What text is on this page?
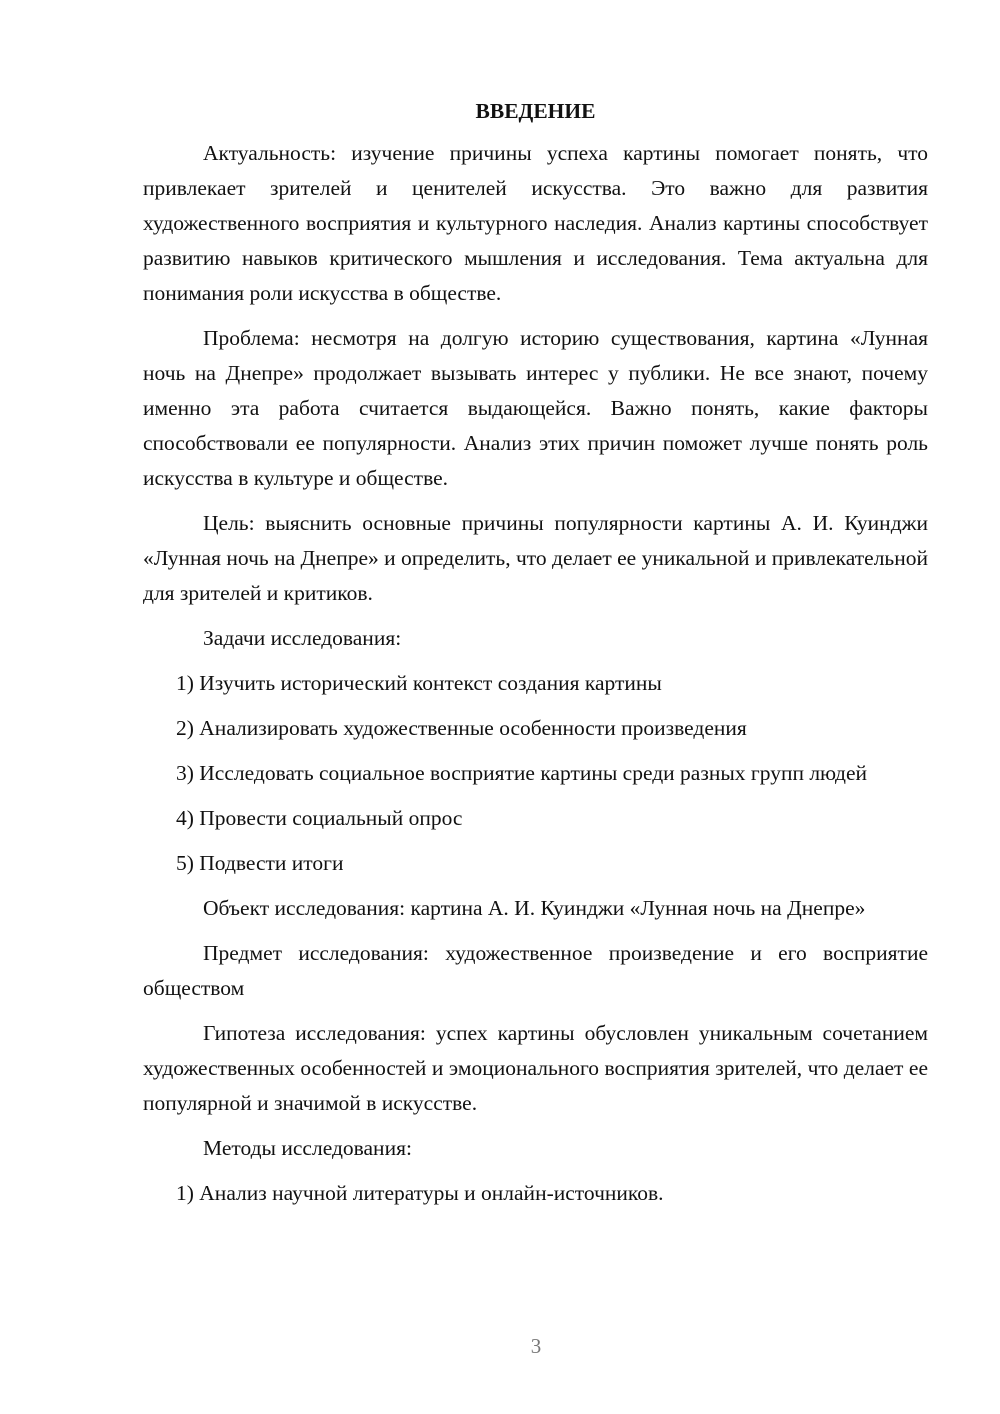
ВВЕДЕНИЕ

Актуальность: изучение причины успеха картины помогает понять, что привлекает зрителей и ценителей искусства. Это важно для развития художественного восприятия и культурного наследия. Анализ картины способствует развитию навыков критического мышления и исследования. Тема актуальна для понимания роли искусства в обществе.

Проблема: несмотря на долгую историю существования, картина «Лунная ночь на Днепре» продолжает вызывать интерес у публики. Не все знают, почему именно эта работа считается выдающейся. Важно понять, какие факторы способствовали ее популярности. Анализ этих причин поможет лучше понять роль искусства в культуре и обществе.

Цель: выяснить основные причины популярности картины А. И. Куинджи «Лунная ночь на Днепре» и определить, что делает ее уникальной и привлекательной для зрителей и критиков.

Задачи исследования:

1) Изучить исторический контекст создания картины

2) Анализировать художественные особенности произведения

3) Исследовать социальное восприятие картины среди разных групп людей

4) Провести социальный опрос

5) Подвести итоги

Объект исследования: картина А. И. Куинджи «Лунная ночь на Днепре»

Предмет исследования: художественное произведение и его восприятие обществом

Гипотеза исследования: успех картины обусловлен уникальным сочетанием художественных особенностей и эмоционального восприятия зрителей, что делает ее популярной и значимой в искусстве.

Методы исследования:

1) Анализ научной литературы и онлайн-источников.

3
